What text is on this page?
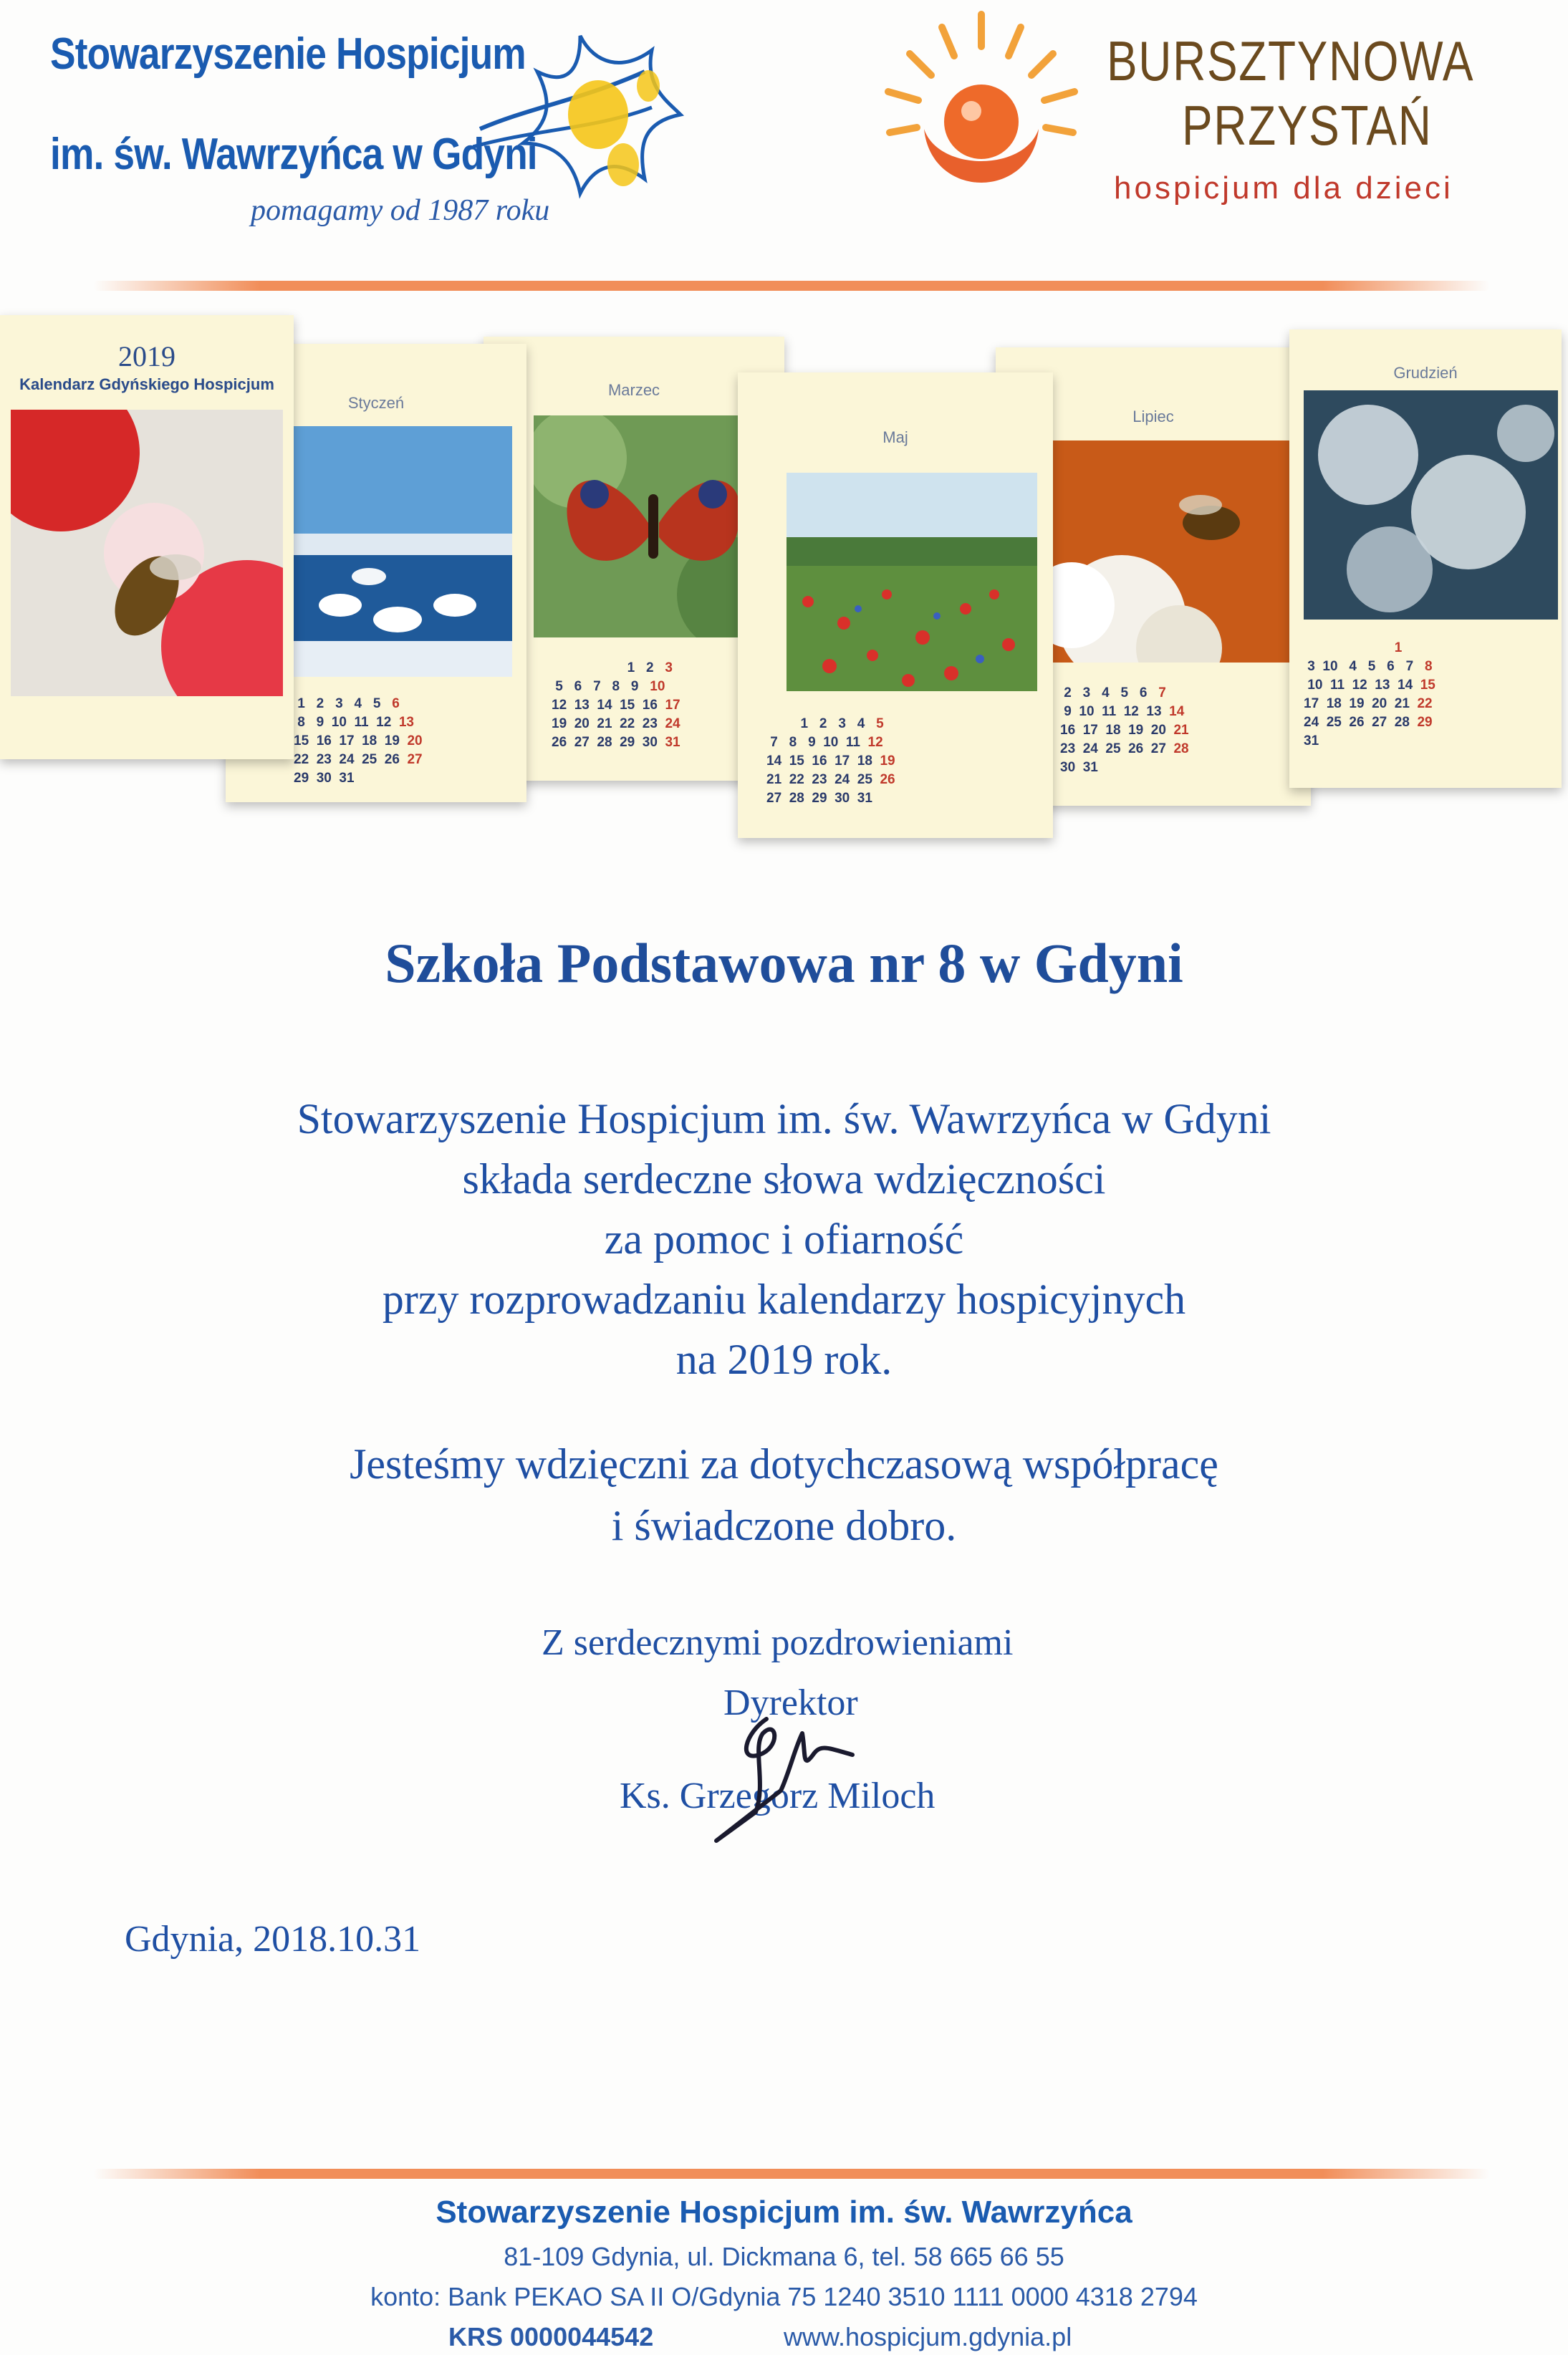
Stowarzyszenie Hospicjum
im. św. Wawrzyńca w Gdyni
pomagamy od 1987 roku
BURSZTYNOWA
PRZYSTAŃ
hospicjum dla dzieci
Lipiec
2   3   4   5   6   7
9  10  11  12  13  14
16  17  18  19  20  21
23  24  25  26  27  28
30  31
Grudzień
1
3  10   4   5   6   7   8
10  11  12  13  14  15
17  18  19  20  21  22
24  25  26  27  28  29
31
Marzec
1   2   3
5   6   7   8   9   10
12  13  14  15  16  17
19  20  21  22  23  24
26  27  28  29  30  31
Styczeń
1   2   3   4   5   6
8   9  10  11  12  13
15  16  17  18  19  20
22  23  24  25  26  27
29  30  31
2019
Kalendarz Gdyńskiego Hospicjum
Maj
1   2   3   4   5
7   8   9  10  11  12
14  15  16  17  18  19
21  22  23  24  25  26
27  28  29  30  31
Szkoła Podstawowa nr 8 w Gdyni
Stowarzyszenie Hospicjum im. św. Wawrzyńca w Gdyni
składa serdeczne słowa wdzięczności
za pomoc i ofiarność
przy rozprowadzaniu kalendarzy hospicyjnych
na 2019 rok.
Jesteśmy wdzięczni za dotychczasową współpracę
i świadczone dobro.
Z serdecznymi pozdrowieniami
Dyrektor
Ks. Grzegorz Miloch
Gdynia, 2018.10.31
Stowarzyszenie Hospicjum im. św. Wawrzyńca
81-109 Gdynia, ul. Dickmana 6, tel. 58 665 66 55
konto: Bank PEKAO SA II O/Gdynia 75 1240 3510 1111 0000 4318 2794
KRS 0000044542	www.hospicjum.gdynia.pl
